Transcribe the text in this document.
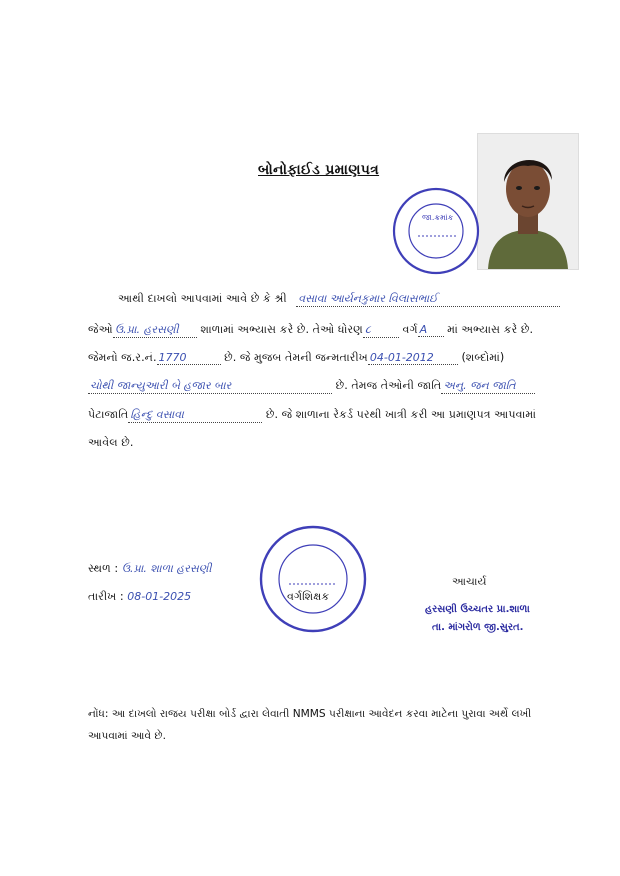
બોનોફાઈડ પ્રમાણપત્ર
જા.ક્રમાંક
આથી દાખલો આપવામાં આવે છે કે શ્રી વસાવા આર્યનકુમાર વિલાસભાઈ
જેઓ ઉ.પ્રા. હરસણી શાળામાં અભ્યાસ કરે છે. તેઓ ધોરણ ૮	વર્ગ A માં અભ્યાસ કરે છે.
જેમનો જ.ર.નં. 1770	છે. જે મુજબ તેમની જન્મતારીખ 04-01-2012 (શબ્દોમાં)
ચોથી જાન્યુઆરી બે હજાર બાર	છે. તેમજ તેઓની જાતિ અનુ. જન જાતિ
પેટાજાતિ હિન્દુ વસાવા	છે. જે શાળાના રેકર્ડ પરથી ખાત્રી કરી આ પ્રમાણપત્ર આપવામાં
આવેલ છે.
સ્થળ : ઉ.પ્રા. શાળા હરસણી
તારીખ : 08-01-2025	વર્ગશિક્ષક
આચાર્ય
હરસણી ઉચ્ચતર પ્રા.શાળા
તા. માંગરોળ જી.સુરત.
નોંધ: આ દાખલો રાજય પરીક્ષા બોર્ડ દ્વારા લેવાતી NMMS પરીક્ષાના આવેદન કરવા માટેના પુરાવા અર્થે લખી આપવામાં આવે છે.
